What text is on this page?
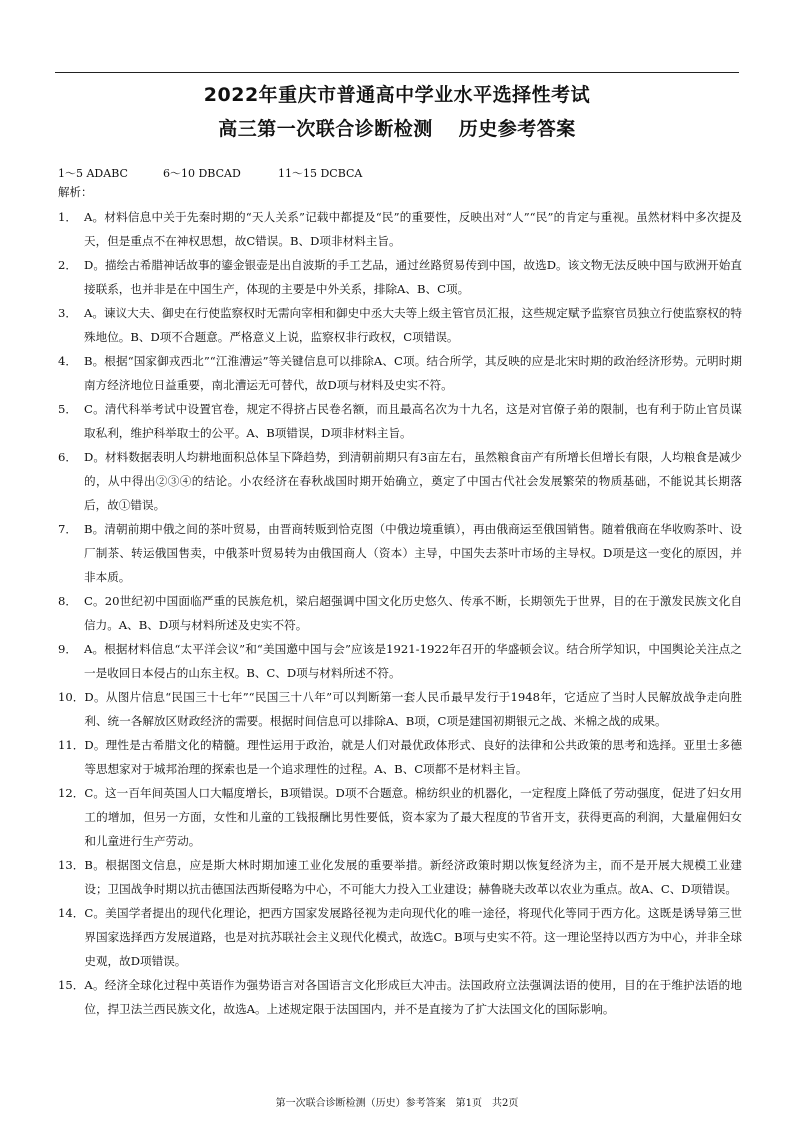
2022年重庆市普通高中学业水平选择性考试
高三第一次联合诊断检测 历史参考答案
1～5 ADABC	6～10 DBCAD	11～15 DCBCA
解析：
1． A。材料信息中关于先秦时期的“天人关系”记载中都提及“民”的重要性，反映出对“人”“民”的肯定与重视。虽然材料中多次提及天，但是重点不在神权思想，故C错误。B、D项非材料主旨。
2． D。描绘古希腊神话故事的鎏金银壶是出自波斯的手工艺品，通过丝路贸易传到中国，故选D。该文物无法反映中国与欧洲开始直接联系，也并非是在中国生产，体现的主要是中外关系，排除A、B、C项。
3． A。谏议大夫、御史在行使监察权时无需向宰相和御史中丞大夫等上级主管官员汇报，这些规定赋予监察官员独立行使监察权的特殊地位。B、D项不合题意。严格意义上说，监察权非行政权，C项错误。
4． B。根据“国家御戎西北”“江淮漕运”等关键信息可以排除A、C项。结合所学，其反映的应是北宋时期的政治经济形势。元明时期南方经济地位日益重要，南北漕运无可替代，故D项与材料及史实不符。
5． C。清代科举考试中设置官卷，规定不得挤占民卷名额，而且最高名次为十九名，这是对官僚子弟的限制，也有利于防止官员谋取私利，维护科举取士的公平。A、B项错误，D项非材料主旨。
6． D。材料数据表明人均耕地面积总体呈下降趋势，到清朝前期只有3亩左右，虽然粮食亩产有所增长但增长有限，人均粮食是减少的，从中得出②③④的结论。小农经济在春秋战国时期开始确立，奠定了中国古代社会发展繁荣的物质基础，不能说其长期落后，故①错误。
7． B。清朝前期中俄之间的茶叶贸易，由晋商转贩到恰克图（中俄边境重镇），再由俄商运至俄国销售。随着俄商在华收购茶叶、设厂制茶、转运俄国售卖，中俄茶叶贸易转为由俄国商人（资本）主导，中国失去茶叶市场的主导权。D项是这一变化的原因，并非本质。
8． C。20世纪初中国面临严重的民族危机，梁启超强调中国文化历史悠久、传承不断，长期领先于世界，目的在于激发民族文化自信力。A、B、D项与材料所述及史实不符。
9． A。根据材料信息“太平洋会议”和“美国邀中国与会”应该是1921-1922年召开的华盛顿会议。结合所学知识，中国舆论关注点之一是收回日本侵占的山东主权。B、C、D项与材料所述不符。
10． D。从图片信息“民国三十七年”“民国三十八年”可以判断第一套人民币最早发行于1948年，它适应了当时人民解放战争走向胜利、统一各解放区财政经济的需要。根据时间信息可以排除A、B项，C项是建国初期银元之战、米棉之战的成果。
11． D。理性是古希腊文化的精髓。理性运用于政治，就是人们对最优政体形式、良好的法律和公共政策的思考和选择。亚里士多德等思想家对于城邦治理的探索也是一个追求理性的过程。A、B、C项都不是材料主旨。
12． C。这一百年间英国人口大幅度增长，B项错误。D项不合题意。棉纺织业的机器化，一定程度上降低了劳动强度，促进了妇女用工的增加，但另一方面，女性和儿童的工钱报酬比男性要低，资本家为了最大程度的节省开支，获得更高的利润，大量雇佣妇女和儿童进行生产劳动。
13． B。根据图文信息，应是斯大林时期加速工业化发展的重要举措。新经济政策时期以恢复经济为主，而不是开展大规模工业建设；卫国战争时期以抗击德国法西斯侵略为中心，不可能大力投入工业建设；赫鲁晓夫改革以农业为重点。故A、C、D项错误。
14． C。美国学者提出的现代化理论，把西方国家发展路径视为走向现代化的唯一途径，将现代化等同于西方化。这既是诱导第三世界国家选择西方发展道路，也是对抗苏联社会主义现代化模式，故选C。B项与史实不符。这一理论坚持以西方为中心，并非全球史观，故D项错误。
15． A。经济全球化过程中英语作为强势语言对各国语言文化形成巨大冲击。法国政府立法强调法语的使用，目的在于维护法语的地位，捍卫法兰西民族文化，故选A。上述规定限于法国国内，并不是直接为了扩大法国文化的国际影响。
第一次联合诊断检测（历史）参考答案　第1页　共2页
